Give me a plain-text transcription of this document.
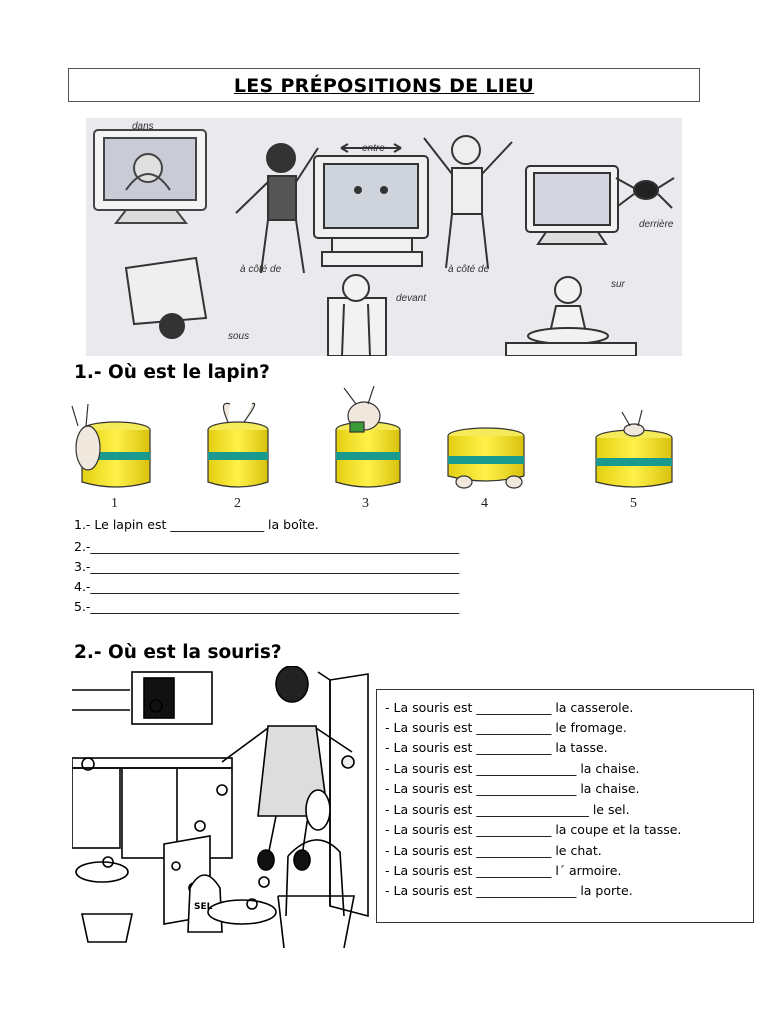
LES PRÉPOSITIONS DE LIEU
dans
entre
à côté de	à côté de
derrière
devant
sur
sous
1.- Où est le lapin?
1	2	3	4	5
1.- Le lapin est _______________ la boîte.
2.-___________________________________________________________
3.-___________________________________________________________
4.-___________________________________________________________
5.-___________________________________________________________
2.- Où est la souris?
SEL
- La souris est ____________ la casserole.
- La souris est ____________ le fromage.
- La souris est ____________ la tasse.
- La souris est ________________ la chaise.
- La souris est ________________ la chaise.
- La souris est __________________ le sel.
- La souris est ____________ la coupe et la tasse.
- La souris est ____________ le chat.
- La souris est ____________ l´ armoire.
- La souris est ________________ la porte.
